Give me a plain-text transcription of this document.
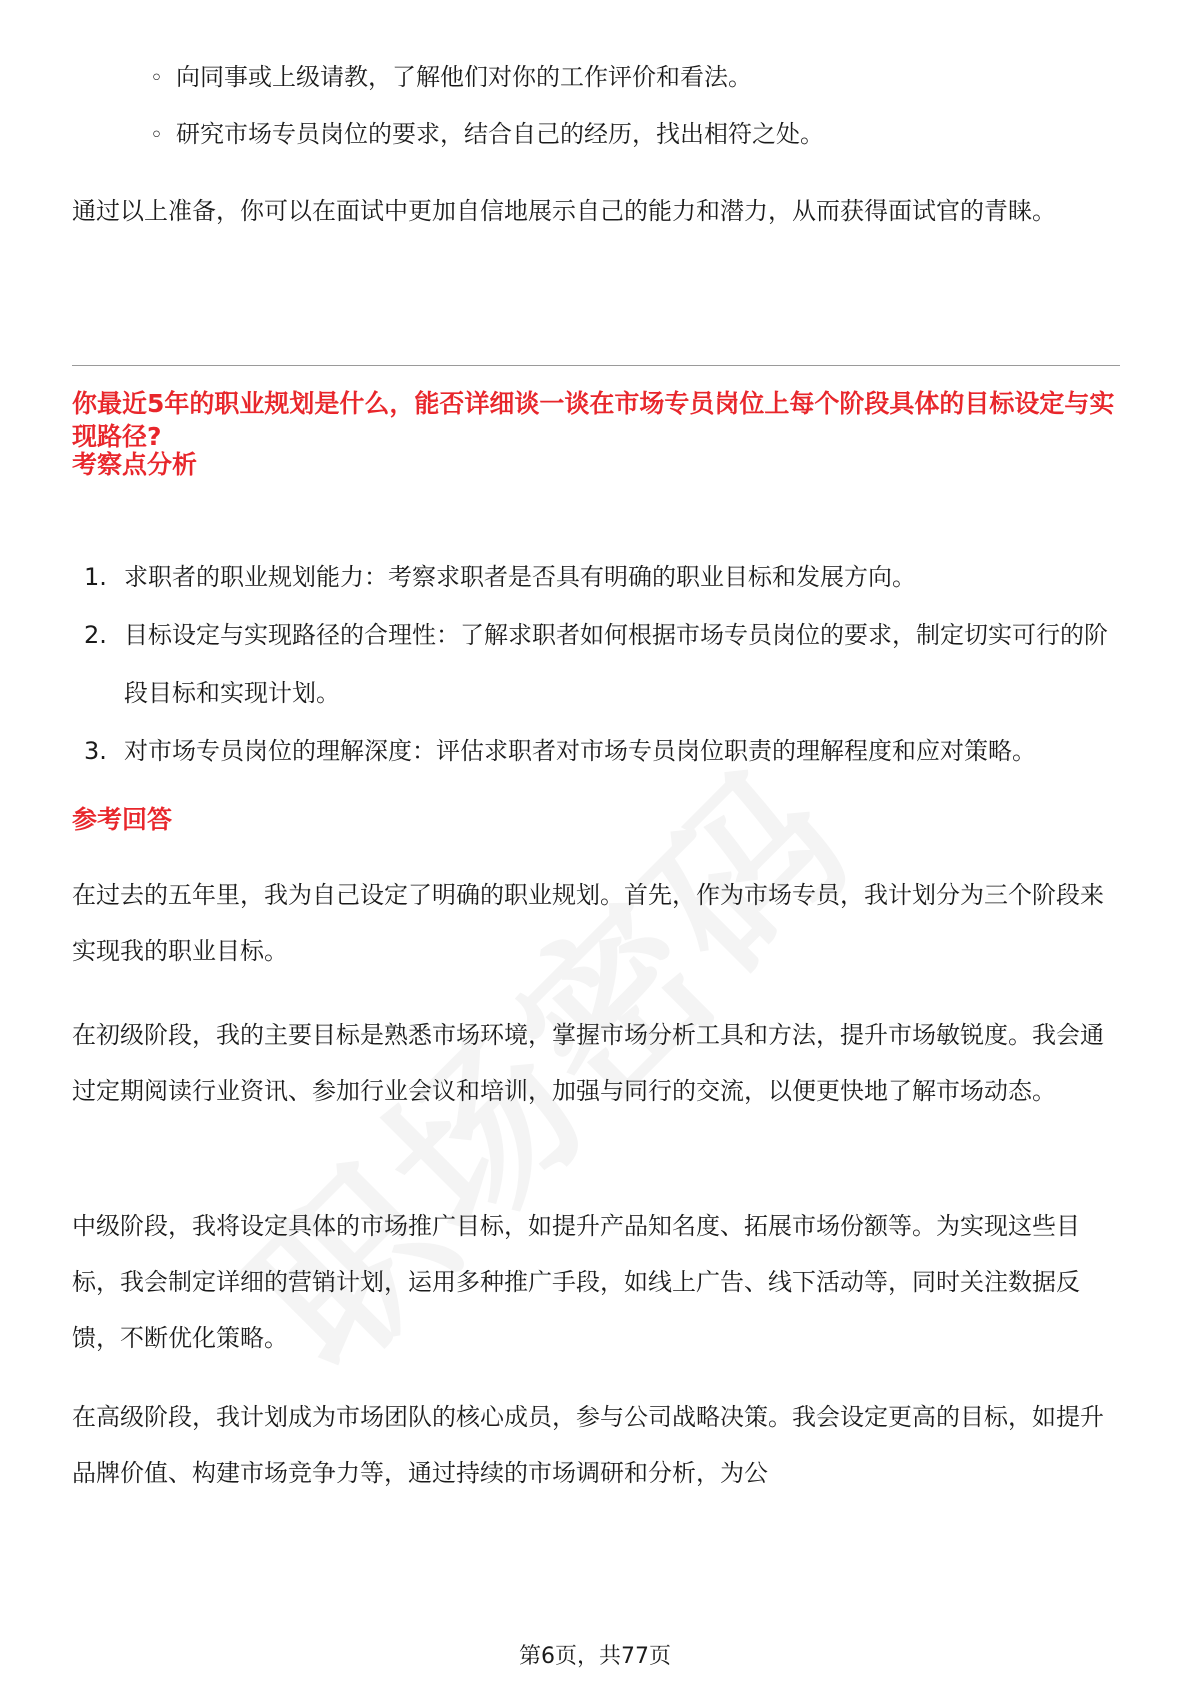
◦ 向同事或上级请教，了解他们对你的工作评价和看法。
◦ 研究市场专员岗位的要求，结合自己的经历，找出相符之处。

通过以上准备，你可以在面试中更加自信地展示自己的能力和潜力，从而获得面试官的青睐。

你最近5年的职业规划是什么，能否详细谈一谈在市场专员岗位上每个阶段具体的目标设定与实现路径?

考察点分析
1. 求职者的职业规划能力：考察求职者是否具有明确的职业目标和发展方向。
2. 目标设定与实现路径的合理性：了解求职者如何根据市场专员岗位的要求，制定切实可行的阶段目标和实现计划。
3. 对市场专员岗位的理解深度：评估求职者对市场专员岗位职责的理解程度和应对策略。
参考回答

在过去的五年里，我为自己设定了明确的职业规划。首先，作为市场专员，我计划分为三个阶段来实现我的职业目标。

在初级阶段，我的主要目标是熟悉市场环境，掌握市场分析工具和方法，提升市场敏锐度。我会通过定期阅读行业资讯、参加行业会议和培训，加强与同行的交流，以便更快地了解市场动态。

中级阶段，我将设定具体的市场推广目标，如提升产品知名度、拓展市场份额等。为实现这些目标，我会制定详细的营销计划，运用多种推广手段，如线上广告、线下活动等，同时关注数据反馈，不断优化策略。

在高级阶段，我计划成为市场团队的核心成员，参与公司战略决策。我会设定更高的目标，如提升品牌价值、构建市场竞争力等，通过持续的市场调研和分析，为公

第6页，共77页
